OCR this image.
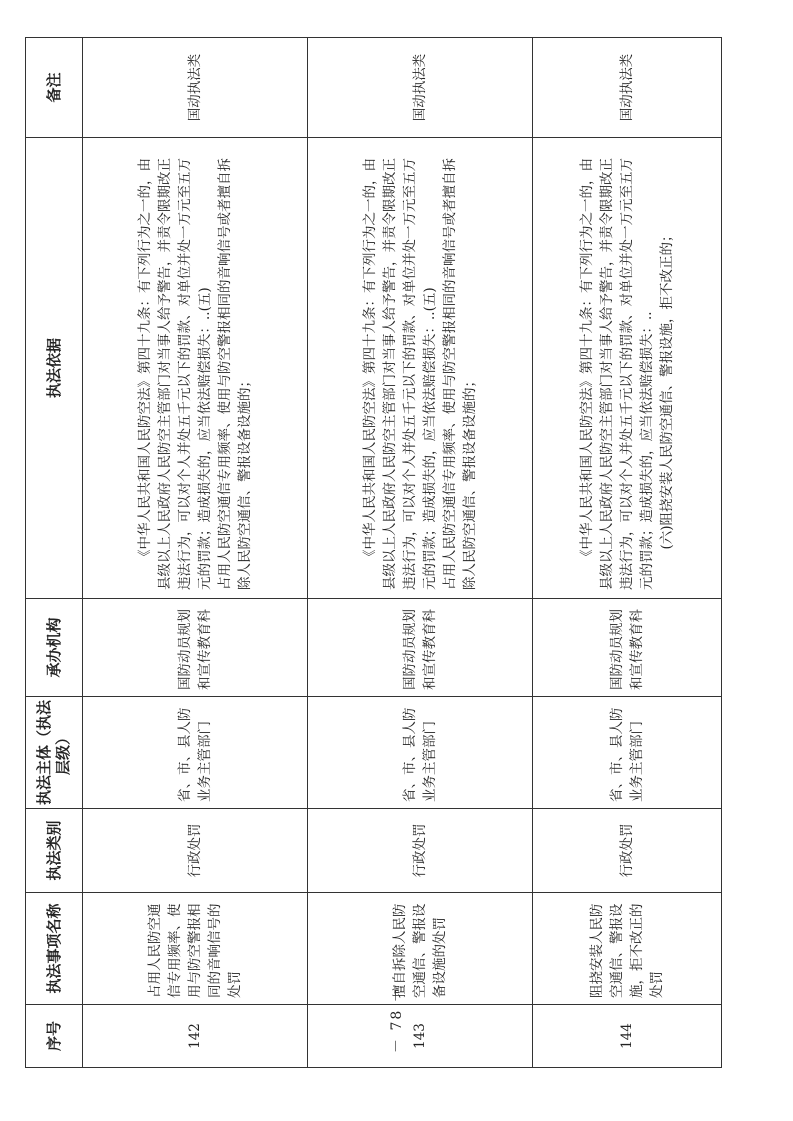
序号	执法事项名称	执法类别	执法主体（执法层级）	承办机构	执法依据	备注
142	占用人民防空通信专用频率、使用与防空警报相同的音响信号的处罚	行政处罚	省、市、县人防业务主管部门	国防动员规划和宣传教育科	《中华人民共和国人民防空法》第四十九条：有下列行为之一的，由县级以上人民政府人民防空主管部门对当事人给予警告，并责令限期改正违法行为，可以对个人并处五千元以下的罚款、对单位并处一万元至五万元的罚款；造成损失的，应当依法赔偿损失：..(五) 占用人民防空通信专用频率、使用与防空警报相同的音响信号或者擅自拆除人民防空通信、警报设备设施的；	国动执法类
143	擅自拆除人民防空通信、警报设备设施的处罚	行政处罚	省、市、县人防业务主管部门	国防动员规划和宣传教育科	《中华人民共和国人民防空法》第四十九条：有下列行为之一的，由县级以上人民政府人民防空主管部门对当事人给予警告，并责令限期改正违法行为，可以对个人并处五千元以下的罚款、对单位并处一万元至五万元的罚款；造成损失的，应当依法赔偿损失：..(五) 占用人民防空通信专用频率、使用与防空警报相同的音响信号或者擅自拆除人民防空通信、警报设备设施的；	国动执法类
144	阻挠安装人民防空通信、警报设施，拒不改正的处罚	行政处罚	省、市、县人防业务主管部门	国防动员规划和宣传教育科	《中华人民共和国人民防空法》第四十九条：有下列行为之一的，由县级以上人民政府人民防空主管部门对当事人给予警告，并责令限期改正违法行为，可以对个人并处五千元以下的罚款、对单位并处一万元至五万元的罚款；造成损失的，应当依法赔偿损失：.. (六)阻挠安装人民防空通信、警报设施，拒不改正的；	国动执法类
－ 78 －
